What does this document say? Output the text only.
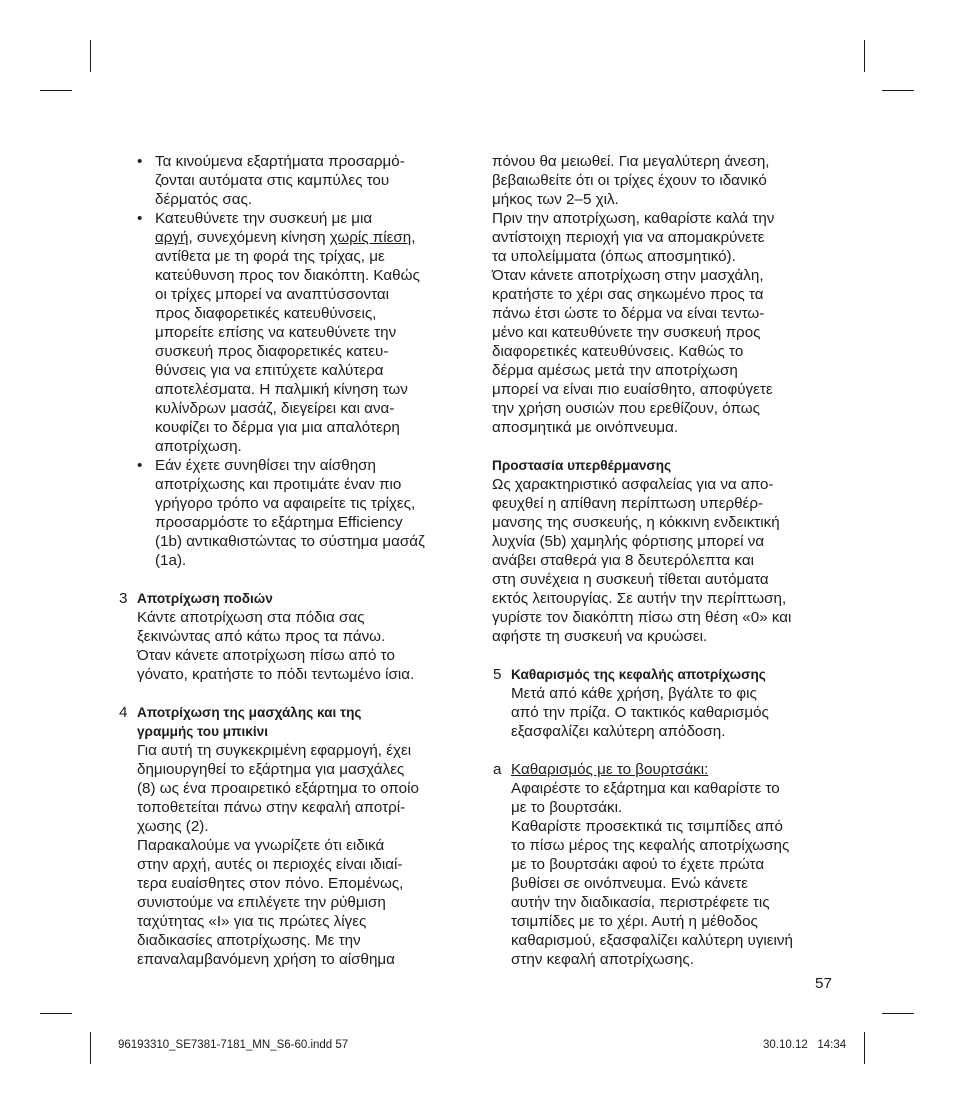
• Τα κινούμενα εξαρτήματα προσαρμό-
ζονται αυτόματα στις καμπύλες του
δέρματός σας.
• Κατευθύνετε την συσκευή με μια
αργή, συνεχόμενη κίνηση χωρίς πίεση,
αντίθετα με τη φορά της τρίχας, με
κατεύθυνση προς τον διακόπτη. Καθώς
οι τρίχες μπορεί να αναπτύσσονται
προς διαφορετικές κατευθύνσεις,
μπορείτε επίσης να κατευθύνετε την
συσκευή προς διαφορετικές κατευ-
θύνσεις για να επιτύχετε καλύτερα
αποτελέσματα. Η παλμική κίνηση των
κυλίνδρων μασάζ, διεγείρει και ανα-
κουφίζει το δέρμα για μια απαλότερη
αποτρίχωση.
• Εάν έχετε συνηθίσει την αίσθηση
αποτρίχωσης και προτιμάτε έναν πιο
γρήγορο τρόπο να αφαιρείτε τις τρίχες,
προσαρμόστε το εξάρτημα Efficiency
(1b) αντικαθιστώντας το σύστημα μασάζ
(1a).
3 Αποτρίχωση ποδιών
Κάντε αποτρίχωση στα πόδια σας
ξεκινώντας από κάτω προς τα πάνω.
Όταν κάνετε αποτρίχωση πίσω από το
γόνατο, κρατήστε το πόδι τεντωμένο ίσια.
4 Αποτρίχωση της μασχάλης και της
γραμμής του μπικίνι
Για αυτή τη συγκεκριμένη εφαρμογή, έχει
δημιουργηθεί το εξάρτημα για μασχάλες
(8) ως ένα προαιρετικό εξάρτημα το οποίο
τοποθετείται πάνω στην κεφαλή αποτρί-
χωσης (2).
Παρακαλούμε να γνωρίζετε ότι ειδικά
στην αρχή, αυτές οι περιοχές είναι ιδιαί-
τερα ευαίσθητες στον πόνο. Επομένως,
συνιστούμε να επιλέγετε την ρύθμιση
ταχύτητας «I» για τις πρώτες λίγες
διαδικασίες αποτρίχωσης. Με την
επαναλαμβανόμενη χρήση το αίσθημα
πόνου θα μειωθεί. Για μεγαλύτερη άνεση,
βεβαιωθείτε ότι οι τρίχες έχουν το ιδανικό
μήκος των 2–5 χιλ.
Πριν την αποτρίχωση, καθαρίστε καλά την
αντίστοιχη περιοχή για να απομακρύνετε
τα υπολείμματα (όπως αποσμητικό).
Όταν κάνετε αποτρίχωση στην μασχάλη,
κρατήστε το χέρι σας σηκωμένο προς τα
πάνω έτσι ώστε το δέρμα να είναι τεντω-
μένο και κατευθύνετε την συσκευή προς
διαφορετικές κατευθύνσεις. Καθώς το
δέρμα αμέσως μετά την αποτρίχωση
μπορεί να είναι πιο ευαίσθητο, αποφύγετε
την χρήση ουσιών που ερεθίζουν, όπως
αποσμητικά με οινόπνευμα.
Προστασία υπερθέρμανσης
Ως χαρακτηριστικό ασφαλείας για να απο-
φευχθεί η απίθανη περίπτωση υπερθέρ-
μανσης της συσκευής, η κόκκινη ενδεικτική
λυχνία (5b) χαμηλής φόρτισης μπορεί να
ανάβει σταθερά για 8 δευτερόλεπτα και
στη συνέχεια η συσκευή τίθεται αυτόματα
εκτός λειτουργίας. Σε αυτήν την περίπτωση,
γυρίστε τον διακόπτη πίσω στη θέση «0» και
αφήστε τη συσκευή να κρυώσει.
5 Καθαρισμός της κεφαλής αποτρίχωσης
Μετά από κάθε χρήση, βγάλτε το φις
από την πρίζα. Ο τακτικός καθαρισμός
εξασφαλίζει καλύτερη απόδοση.
a Καθαρισμός με το βουρτσάκι:
Αφαιρέστε το εξάρτημα και καθαρίστε το
με το βουρτσάκι.
Καθαρίστε προσεκτικά τις τσιμπίδες από
το πίσω μέρος της κεφαλής αποτρίχωσης
με το βουρτσάκι αφού το έχετε πρώτα
βυθίσει σε οινόπνευμα. Ενώ κάνετε
αυτήν την διαδικασία, περιστρέφετε τις
τσιμπίδες με το χέρι. Αυτή η μέθοδος
καθαρισμού, εξασφαλίζει καλύτερη υγιεινή
στην κεφαλή αποτρίχωσης.
57
96193310_SE7381-7181_MN_S6-60.indd 57	30.10.12   14:34
